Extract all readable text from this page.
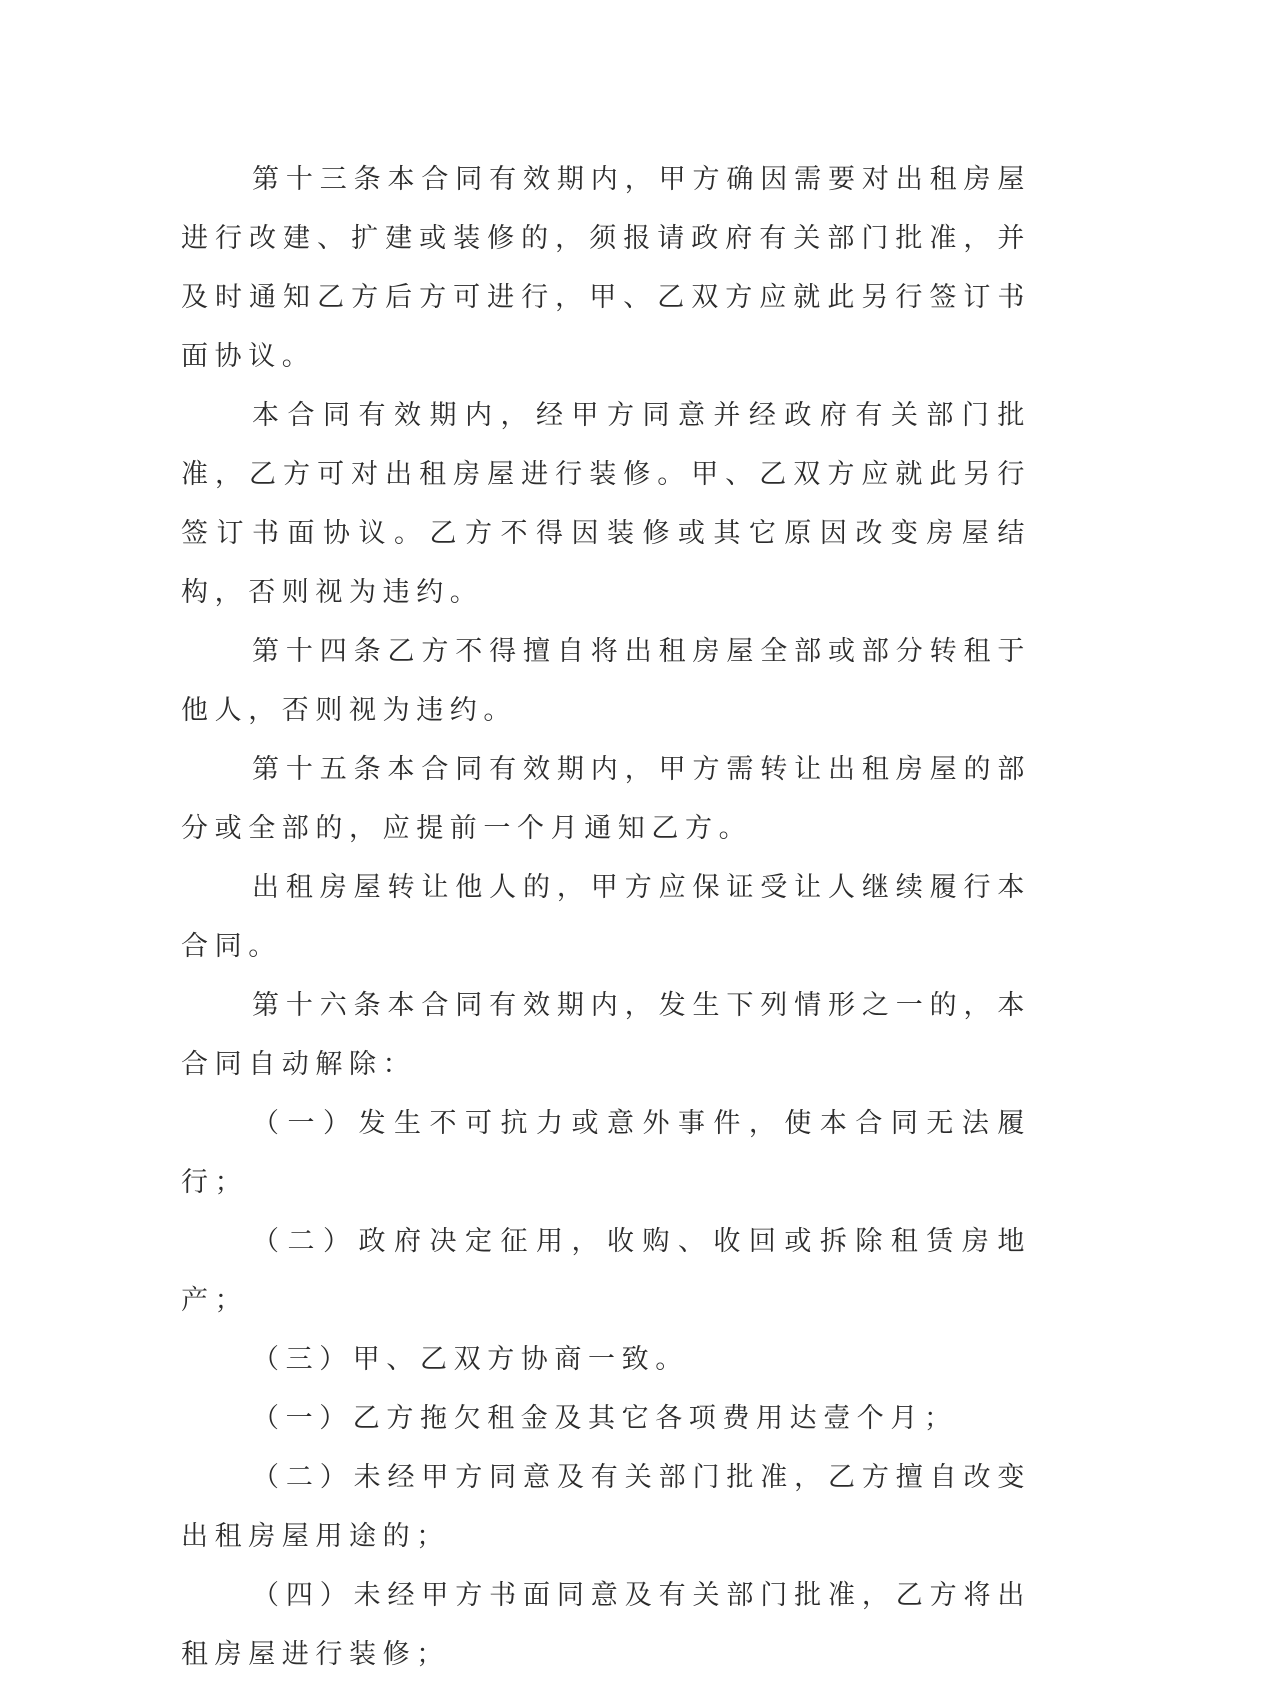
第十三条本合同有效期内，甲方确因需要对出租房屋进行改建、扩建或装修的，须报请政府有关部门批准，并及时通知乙方后方可进行，甲、乙双方应就此另行签订书面协议。

本合同有效期内，经甲方同意并经政府有关部门批准，乙方可对出租房屋进行装修。甲、乙双方应就此另行签订书面协议。乙方不得因装修或其它原因改变房屋结构，否则视为违约。

第十四条乙方不得擅自将出租房屋全部或部分转租于他人，否则视为违约。

第十五条本合同有效期内，甲方需转让出租房屋的部分或全部的，应提前一个月通知乙方。

出租房屋转让他人的，甲方应保证受让人继续履行本合同。

第十六条本合同有效期内，发生下列情形之一的，本合同自动解除：

（一）发生不可抗力或意外事件，使本合同无法履行；

（二）政府决定征用，收购、收回或拆除租赁房地产；

（三）甲、乙双方协商一致。

（一）乙方拖欠租金及其它各项费用达壹个月；

（二）未经甲方同意及有关部门批准，乙方擅自改变出租房屋用途的；

（四）未经甲方书面同意及有关部门批准，乙方将出租房屋进行装修；
